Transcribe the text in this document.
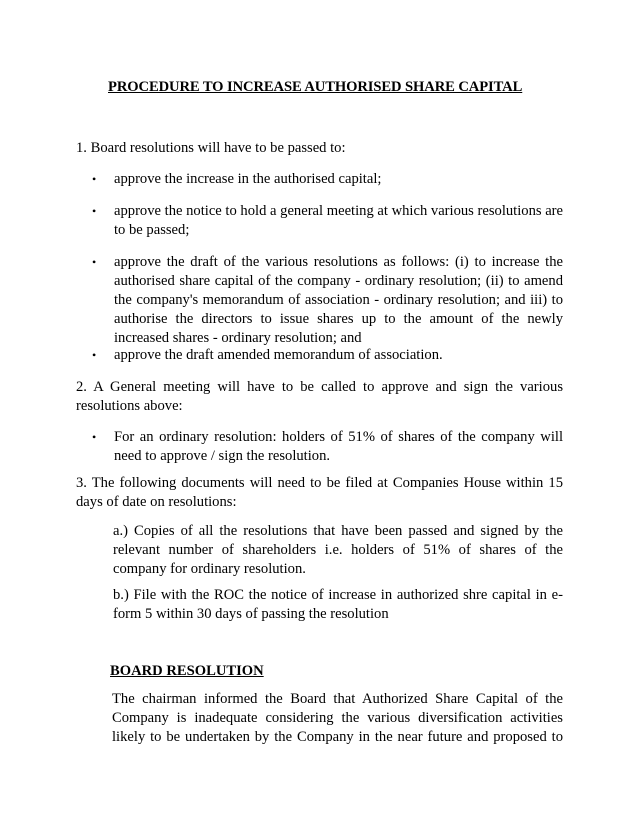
PROCEDURE TO INCREASE AUTHORISED SHARE CAPITAL
1. Board resolutions will have to be passed to:
•	approve the increase in the authorised capital;
•	approve the notice to hold a general meeting at which various resolutions are to be passed;
•	approve the draft of the various resolutions as follows: (i) to increase the authorised share capital of the company - ordinary resolution; (ii) to amend the company's memorandum of association - ordinary resolution; and iii) to authorise the directors to issue shares up to the amount of the newly increased shares - ordinary resolution; and
•	approve the draft amended memorandum of association.
2. A General meeting will have to be called to approve and sign the various resolutions above:
•	For an ordinary resolution: holders of 51% of shares of the company will need to approve / sign the resolution.
3. The following documents will need to be filed at Companies House within 15 days of date on resolutions:
a.) Copies of all the resolutions that have been passed and signed by the relevant number of shareholders i.e. holders of 51% of shares of the company for ordinary resolution.
b.) File with the ROC the notice of increase in authorized shre capital in e-form 5 within 30 days of passing the resolution
BOARD RESOLUTION
The chairman informed the Board that Authorized Share Capital of the Company is inadequate considering the various diversification activities likely to be undertaken by the Company in the near future and proposed to
